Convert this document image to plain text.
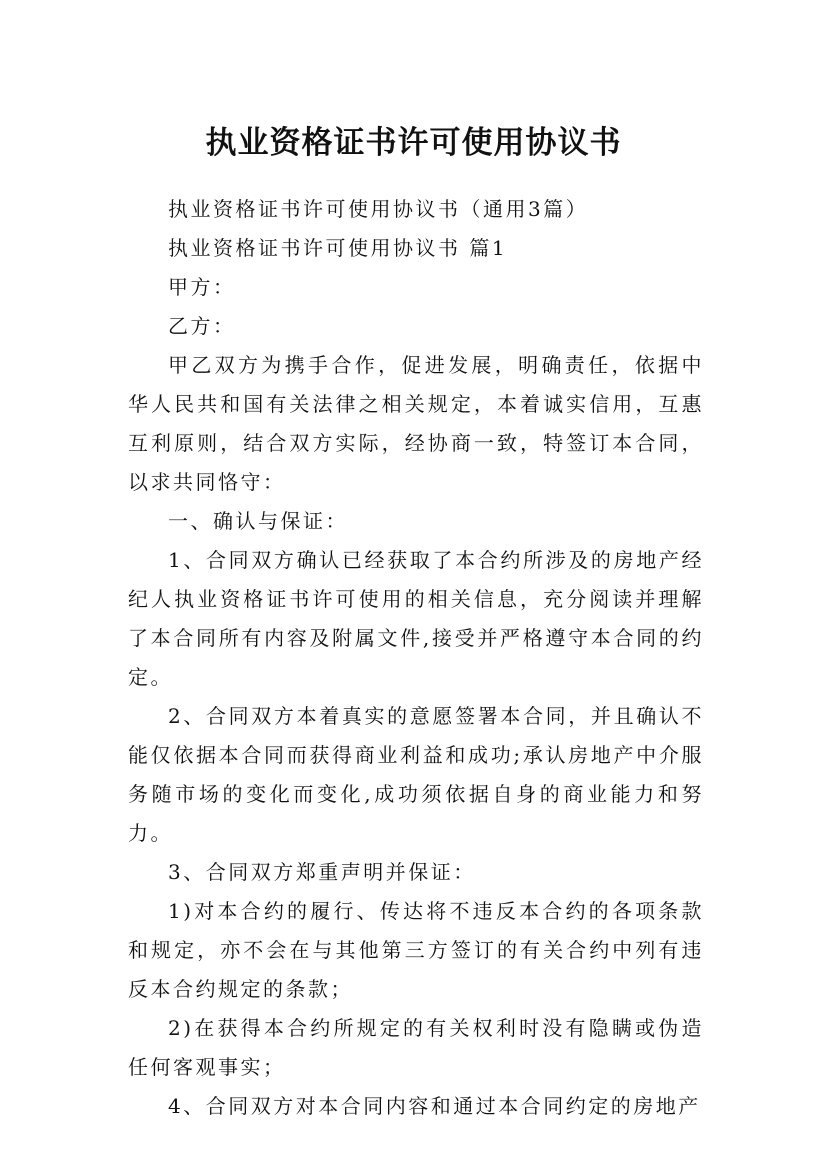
执业资格证书许可使用协议书

执业资格证书许可使用协议书（通用3篇）

执业资格证书许可使用协议书 篇1

甲方：

乙方：

甲乙双方为携手合作，促进发展，明确责任，依据中华人民共和国有关法律之相关规定，本着诚实信用，互惠互利原则，结合双方实际，经协商一致，特签订本合同，以求共同恪守：

一、确认与保证：

1、合同双方确认已经获取了本合约所涉及的房地产经纪人执业资格证书许可使用的相关信息，充分阅读并理解了本合同所有内容及附属文件,接受并严格遵守本合同的约定。

2、合同双方本着真实的意愿签署本合同，并且确认不能仅依据本合同而获得商业利益和成功;承认房地产中介服务随市场的变化而变化,成功须依据自身的商业能力和努力。

3、合同双方郑重声明并保证：

1)对本合约的履行、传达将不违反本合约的各项条款和规定，亦不会在与其他第三方签订的有关合约中列有违反本合约规定的条款；

2)在获得本合约所规定的有关权利时没有隐瞒或伪造任何客观事实；

4、合同双方对本合同内容和通过本合同约定的房地产
